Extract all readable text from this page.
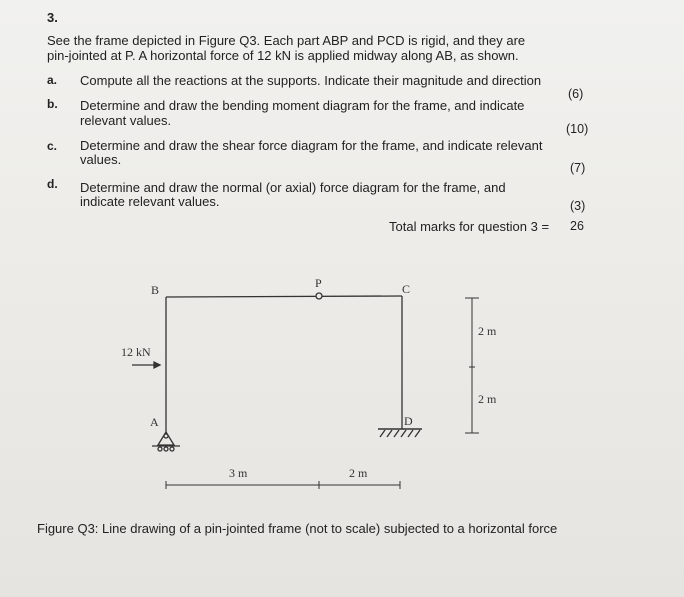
3.
See the frame depicted in Figure Q3. Each part ABP and PCD is rigid, and they are
pin-jointed at P. A horizontal force of 12 kN is applied midway along AB, as shown.
a. Compute all the reactions at the supports. Indicate their magnitude and direction
(6)
b. Determine and draw the bending moment diagram for the frame, and indicate
relevant values.
(10)
c. Determine and draw the shear force diagram for the frame, and indicate relevant
values.
(7)
d. Determine and draw the normal (or axial) force diagram for the frame, and
indicate relevant values.	(3)
Total marks for question 3 = 26
B	P	C
A	D
12 kN
3 m	2 m
2 m
2 m
Figure Q3: Line drawing of a pin-jointed frame (not to scale) subjected to a horizontal force
